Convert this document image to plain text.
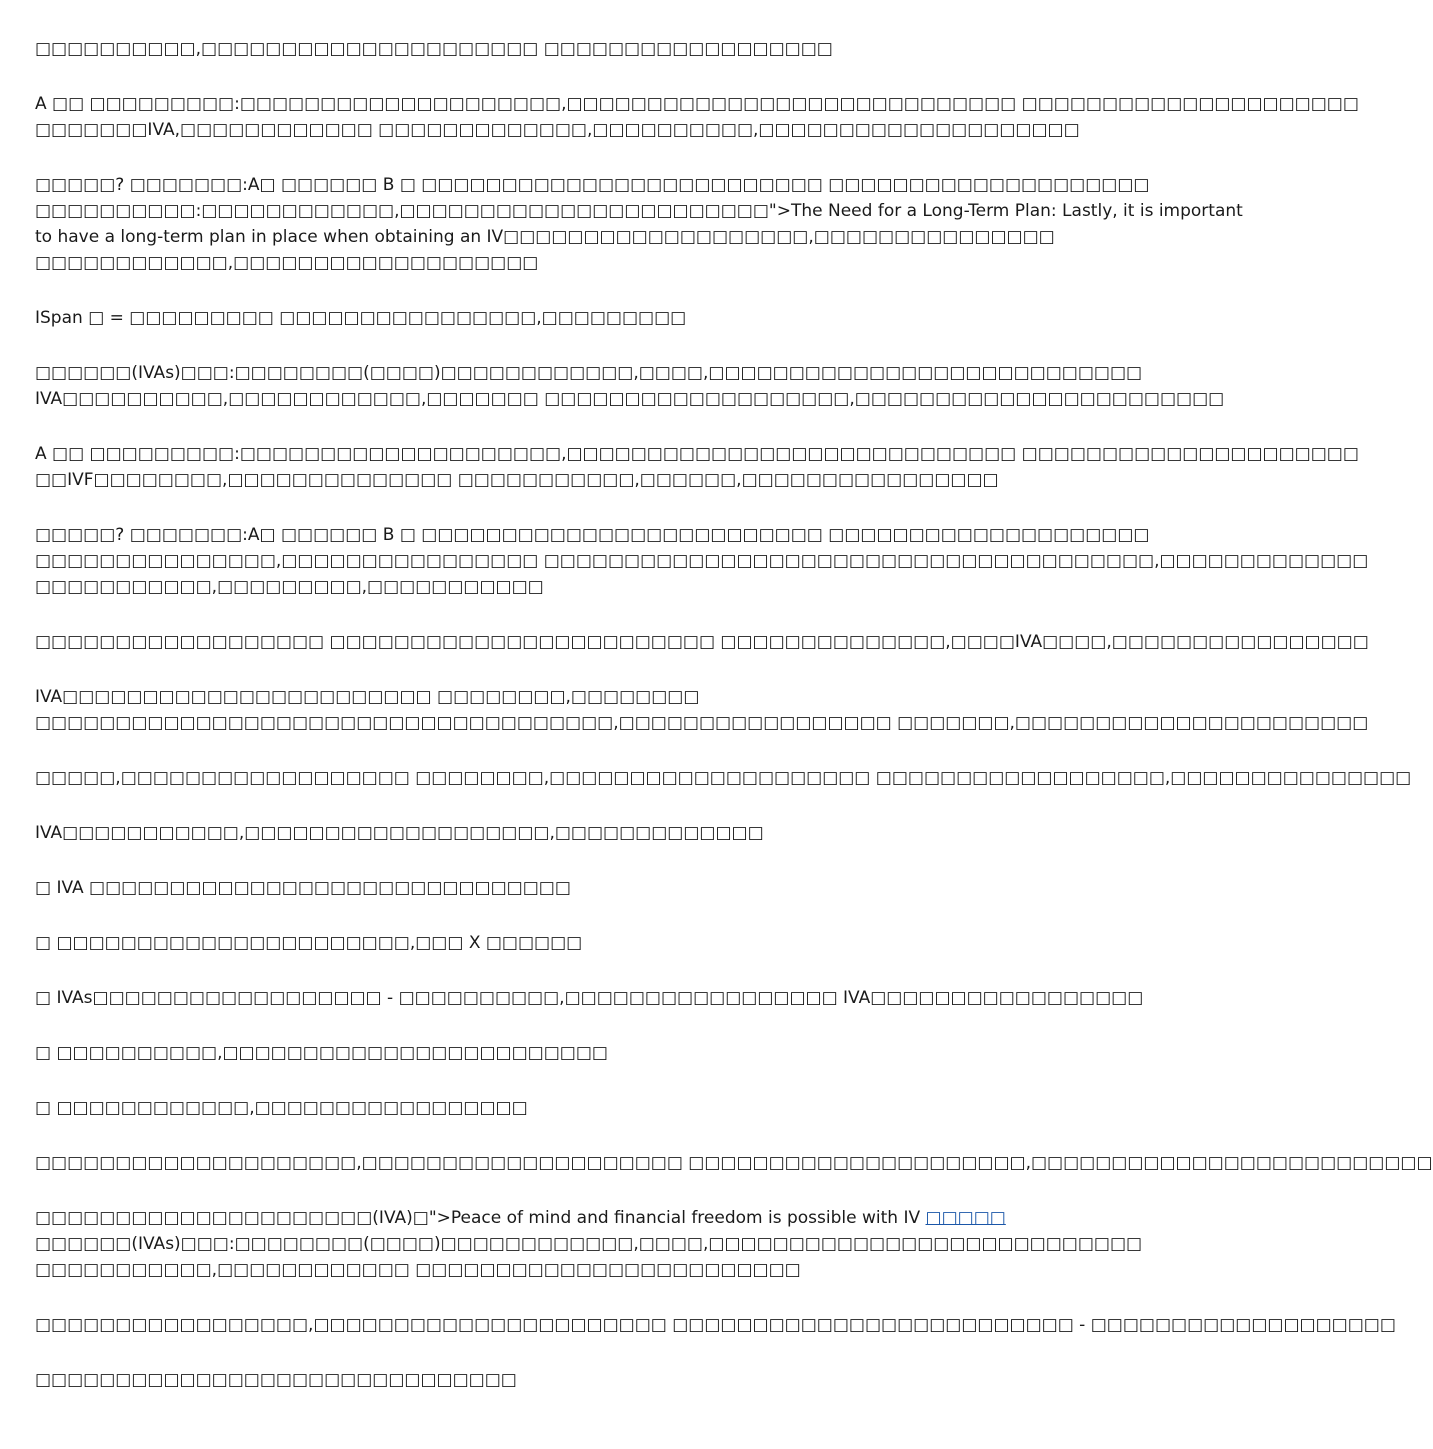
□□□□□□□□□□,□□□□□□□□□□□□□□□□□□□□□ □□□□□□□□□□□□□□□□□□

A □□ □□□□□□□□□:□□□□□□□□□□□□□□□□□□□□,□□□□□□□□□□□□□□□□□□□□□□□□□□□□ □□□□□□□□□□□□□□□□□□□□□
□□□□□□□IVA,□□□□□□□□□□□□ □□□□□□□□□□□□□,□□□□□□□□□□,□□□□□□□□□□□□□□□□□□□□

□□□□□? □□□□□□□:A□ □□□□□□ B □ □□□□□□□□□□□□□□□□□□□□□□□□□ □□□□□□□□□□□□□□□□□□□□
□□□□□□□□□□:□□□□□□□□□□□□,□□□□□□□□□□□□□□□□□□□□□□□">The Need for a Long-Term Plan: Lastly, it is important
to have a long-term plan in place when obtaining an IV□□□□□□□□□□□□□□□□□□□,□□□□□□□□□□□□□□□
□□□□□□□□□□□□,□□□□□□□□□□□□□□□□□□□

ISpan □ = □□□□□□□□□ □□□□□□□□□□□□□□□□,□□□□□□□□□

□□□□□□(IVAs)□□□:□□□□□□□□(□□□□)□□□□□□□□□□□□,□□□□,□□□□□□□□□□□□□□□□□□□□□□□□□□□
IVA□□□□□□□□□□,□□□□□□□□□□□□,□□□□□□□ □□□□□□□□□□□□□□□□□□□,□□□□□□□□□□□□□□□□□□□□□□□

A □□ □□□□□□□□□:□□□□□□□□□□□□□□□□□□□□,□□□□□□□□□□□□□□□□□□□□□□□□□□□□ □□□□□□□□□□□□□□□□□□□□□
□□IVF□□□□□□□□,□□□□□□□□□□□□□□ □□□□□□□□□□□,□□□□□□,□□□□□□□□□□□□□□□□

□□□□□? □□□□□□□:A□ □□□□□□ B □ □□□□□□□□□□□□□□□□□□□□□□□□□ □□□□□□□□□□□□□□□□□□□□
□□□□□□□□□□□□□□□,□□□□□□□□□□□□□□□□ □□□□□□□□□□□□□□□□□□□□□□□□□□□□□□□□□□□□□□,□□□□□□□□□□□□□
□□□□□□□□□□□,□□□□□□□□□,□□□□□□□□□□□

□□□□□□□□□□□□□□□□□□ □□□□□□□□□□□□□□□□□□□□□□□□ □□□□□□□□□□□□□□,□□□□IVA□□□□,□□□□□□□□□□□□□□□□

IVA□□□□□□□□□□□□□□□□□□□□□□□ □□□□□□□□,□□□□□□□□
□□□□□□□□□□□□□□□□□□□□□□□□□□□□□□□□□□□□,□□□□□□□□□□□□□□□□□ □□□□□□□,□□□□□□□□□□□□□□□□□□□□□□

□□□□□,□□□□□□□□□□□□□□□□□□ □□□□□□□□,□□□□□□□□□□□□□□□□□□□□ □□□□□□□□□□□□□□□□□□,□□□□□□□□□□□□□□□

IVA□□□□□□□□□□□,□□□□□□□□□□□□□□□□□□□,□□□□□□□□□□□□□

□ IVA □□□□□□□□□□□□□□□□□□□□□□□□□□□□□□

□ □□□□□□□□□□□□□□□□□□□□□□,□□□ X □□□□□□

□ IVAs□□□□□□□□□□□□□□□□□□ - □□□□□□□□□□,□□□□□□□□□□□□□□□□□ IVA□□□□□□□□□□□□□□□□□

□ □□□□□□□□□□,□□□□□□□□□□□□□□□□□□□□□□□□

□ □□□□□□□□□□□□,□□□□□□□□□□□□□□□□□

□□□□□□□□□□□□□□□□□□□□,□□□□□□□□□□□□□□□□□□□□ □□□□□□□□□□□□□□□□□□□□□,□□□□□□□□□□□□□□□□□□□□□□□□□

□□□□□□□□□□□□□□□□□□□□□(IVA)□">Peace of mind and financial freedom is possible with IV □□□□□
□□□□□□(IVAs)□□□:□□□□□□□□(□□□□)□□□□□□□□□□□□,□□□□,□□□□□□□□□□□□□□□□□□□□□□□□□□□
□□□□□□□□□□□,□□□□□□□□□□□□ □□□□□□□□□□□□□□□□□□□□□□□□

□□□□□□□□□□□□□□□□□,□□□□□□□□□□□□□□□□□□□□□□ □□□□□□□□□□□□□□□□□□□□□□□□□ - □□□□□□□□□□□□□□□□□□□

□□□□□□□□□□□□□□□□□□□□□□□□□□□□□□
